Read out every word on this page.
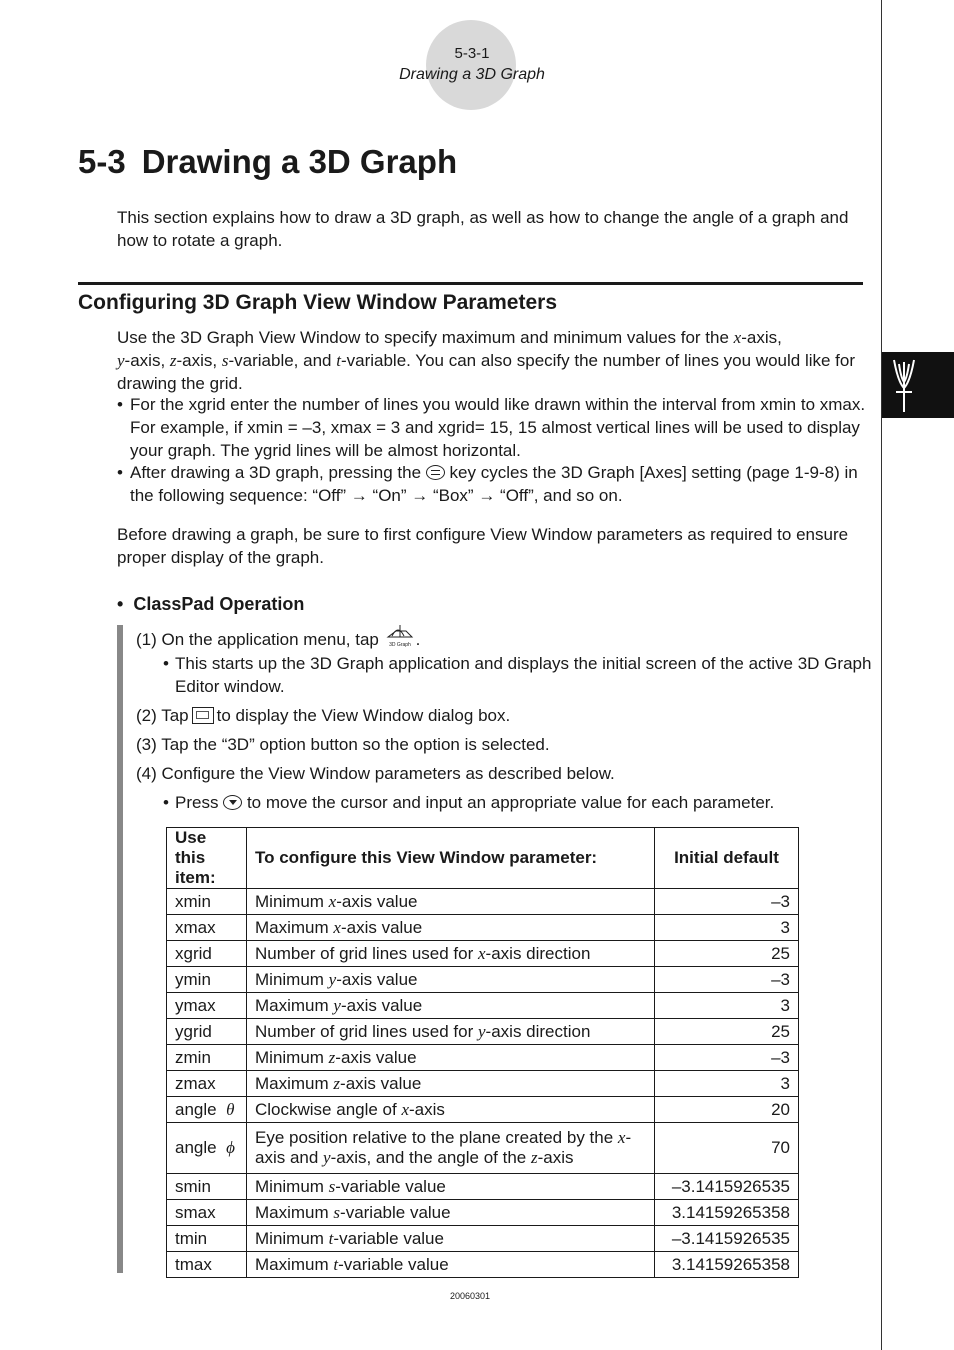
5-3-1
Drawing a 3D Graph
5-3 Drawing a 3D Graph

This section explains how to draw a 3D graph, as well as how to change the angle of a graph and how to rotate a graph.

Configuring 3D Graph View Window Parameters

Use the 3D Graph View Window to specify maximum and minimum values for the x-axis,
y-axis, z-axis, s-variable, and t-variable. You can also specify the number of lines you would like for drawing the grid.

• For the xgrid enter the number of lines you would like drawn within the interval from xmin to xmax. For example, if xmin = –3, xmax = 3 and xgrid= 15, 15 almost vertical lines will be used to display your graph. The ygrid lines will be almost horizontal.

• After drawing a 3D graph, pressing the key cycles the 3D Graph [Axes] setting (page 1-9-8) in the following sequence: “Off” → “On” → “Box” → “Off”, and so on.

Before drawing a graph, be sure to first configure View Window parameters as required to ensure proper display of the graph.

• ClassPad Operation

(1) On the application menu, tap 3D Graph .

• This starts up the 3D Graph application and displays the initial screen of the active 3D Graph Editor window.

(2) Tap to display the View Window dialog box.

(3) Tap the “3D” option button so the option is selected.

(4) Configure the View Window parameters as described below.

• Press to move the cursor and input an appropriate value for each parameter.

Use this item:	To configure this View Window parameter:	Initial default
xmin	Minimum x-axis value	–3
xmax	Maximum x-axis value	3
xgrid	Number of grid lines used for x-axis direction	25
ymin	Minimum y-axis value	–3
ymax	Maximum y-axis value	3
ygrid	Number of grid lines used for y-axis direction	25
zmin	Minimum z-axis value	–3
zmax	Maximum z-axis value	3
angle θ	Clockwise angle of x-axis	20
angle ϕ	Eye position relative to the plane created by the x-axis and y-axis, and the angle of the z-axis	70
smin	Minimum s-variable value	–3.1415926535
smax	Maximum s-variable value	3.14159265358
tmin	Minimum t-variable value	–3.1415926535
tmax	Maximum t-variable value	3.14159265358
20060301
